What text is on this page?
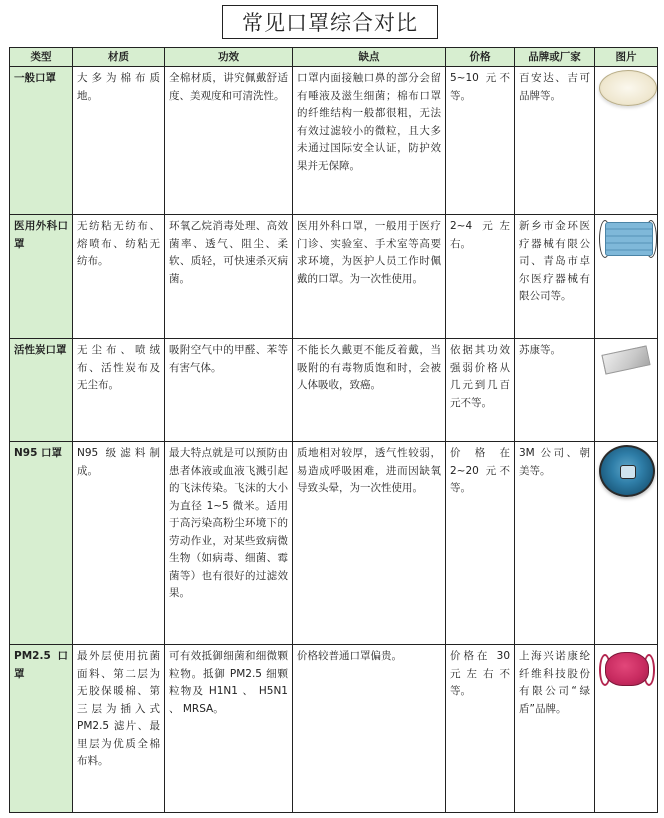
常见口罩综合对比
类型	材质	功效	缺点	价格	品牌或厂家	图片
一般口罩	大多为棉布质地。	全棉材质，讲究佩戴舒适度、美观度和可清洗性。	口罩内面接触口鼻的部分会留有唾液及滋生细菌；棉布口罩的纤维结构一般都很粗，无法有效过滤较小的微粒，且大多未通过国际安全认证，防护效果并无保障。	5~10 元不等。	百安达、吉可品牌等。	

医用外科口罩	无纺粘无纺布、熔喷布、纺粘无纺布。	环氧乙烷消毒处理、高效菌率、透气、阻尘、柔软、质轻，可快速杀灭病菌。	医用外科口罩，一般用于医疗门诊、实验室、手术室等高要求环境，为医护人员工作时佩戴的口罩。为一次性使用。	2~4 元左右。	新乡市金环医疗器械有限公司、青岛市卓尔医疗器械有限公司等。	

活性炭口罩	无尘布、喷绒布、活性炭布及无尘布。	吸附空气中的甲醛、苯等有害气体。	不能长久戴更不能反着戴，当吸附的有毒物质饱和时，会被人体吸收，致癌。	依据其功效强弱价格从几元到几百元不等。	苏康等。	

N95 口罩	N95 级滤料制成。	最大特点就是可以预防由患者体液或血液飞溅引起的飞沫传染。飞沫的大小为直径 1~5 微米。适用于高污染高粉尘环境下的劳动作业，对某些致病微生物（如病毒、细菌、霉菌等）也有很好的过滤效果。	质地相对较厚，透气性较弱，易造成呼吸困难，进而因缺氧导致头晕，为一次性使用。	价格在 2~20 元不等。	3M 公司、朝美等。	

PM2.5 口罩	最外层使用抗菌面料、第二层为无胶保暖棉、第三层为插入式 PM2.5 滤片、最里层为优质全棉布料。	可有效抵御细菌和细微颗粒物。抵御 PM2.5 细颗粒物及 H1N1 、 H5N1 、 MRSA。	价格较普通口罩偏贵。	价格在 30 元左右不等。	上海兴诺康纶纤维科技股份有限公司“绿盾”品牌。	
